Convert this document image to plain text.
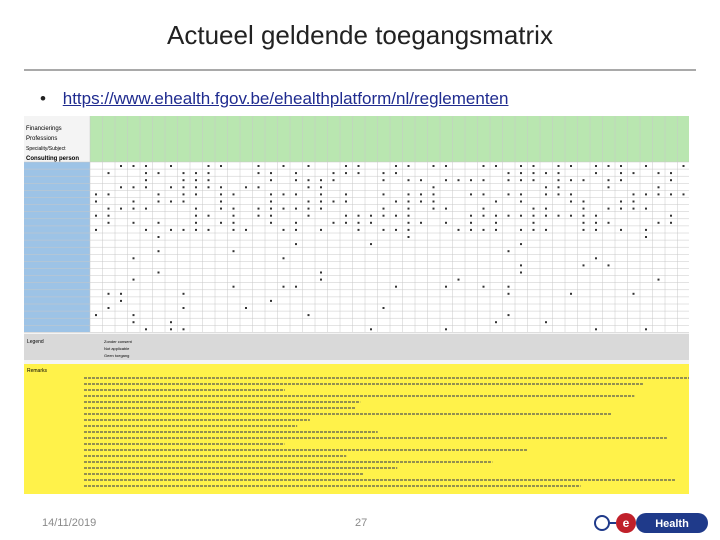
Actueel geldende toegangsmatrix
• https://www.ehealth.fgov.be/ehealthplatform/nl/reglementen
Financierings
Professions
Speciality/Subject
Consulting person
Legend	Zonder consent
Not applicable
Geen toegang
Remarks
14/11/2019	27	e Health
